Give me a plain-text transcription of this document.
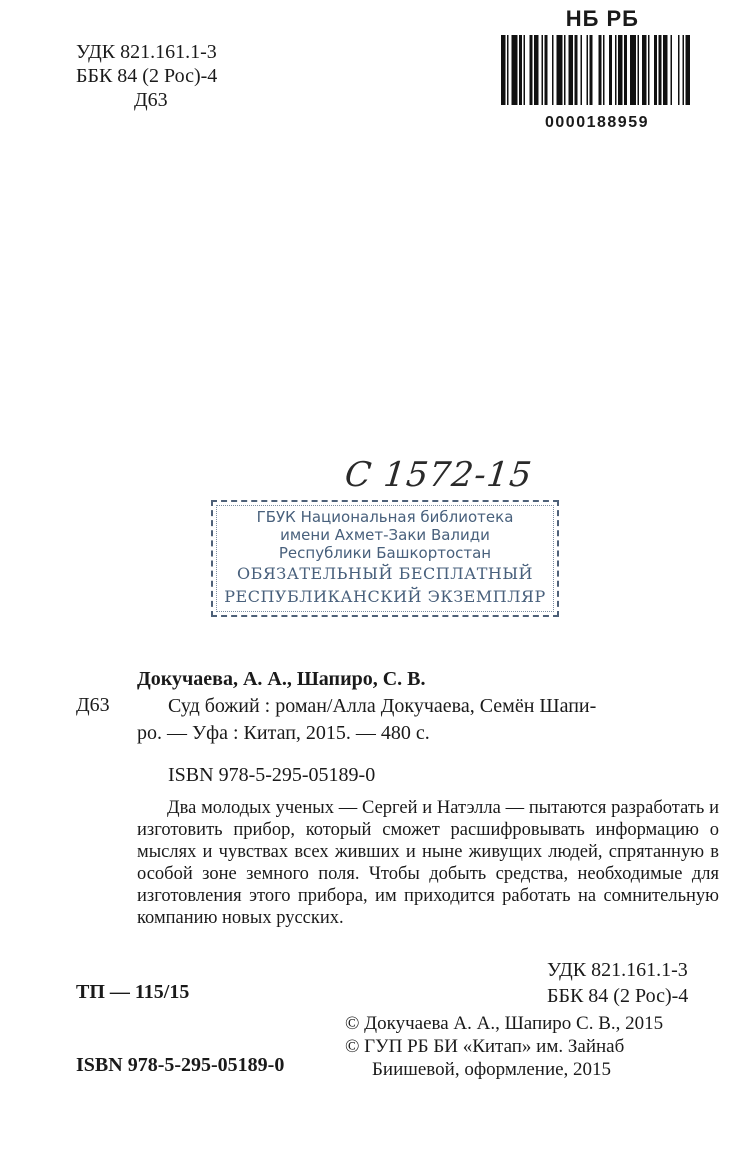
УДК 821.161.1-3
ББК 84 (2 Рос)-4
Д63
НБ РБ
0000188959
С 1572-15
ГБУК Национальная библиотека
имени Ахмет-Заки Валиди
Республики Башкортостан
ОБЯЗАТЕЛЬНЫЙ БЕСПЛАТНЫЙ
РЕСПУБЛИКАНСКИЙ ЭКЗЕМПЛЯР
Д63
Докучаева, А. А., Шапиро, С. В.
Суд божий : роман/Алла Докучаева, Семён Шапи-
ро. — Уфа : Китап, 2015. — 480 с.
ISBN 978-5-295-05189-0

Два молодых ученых — Сергей и Натэлла — пытаются разработать и изготовить прибор, который сможет расшифровывать информацию о мыслях и чувствах всех живших и ныне живущих людей, спрятанную в особой зоне земного поля. Чтобы добыть средства, необходимые для изготовления этого прибора, им приходится работать на сомнительную компанию новых русских.

УДК 821.161.1-3
ББК 84 (2 Рос)-4
ТП — 115/15
© Докучаева А. А., Шапиро С. В., 2015
© ГУП РБ БИ «Китап» им. Зайнаб
Биишевой, оформление, 2015
ISBN 978-5-295-05189-0
